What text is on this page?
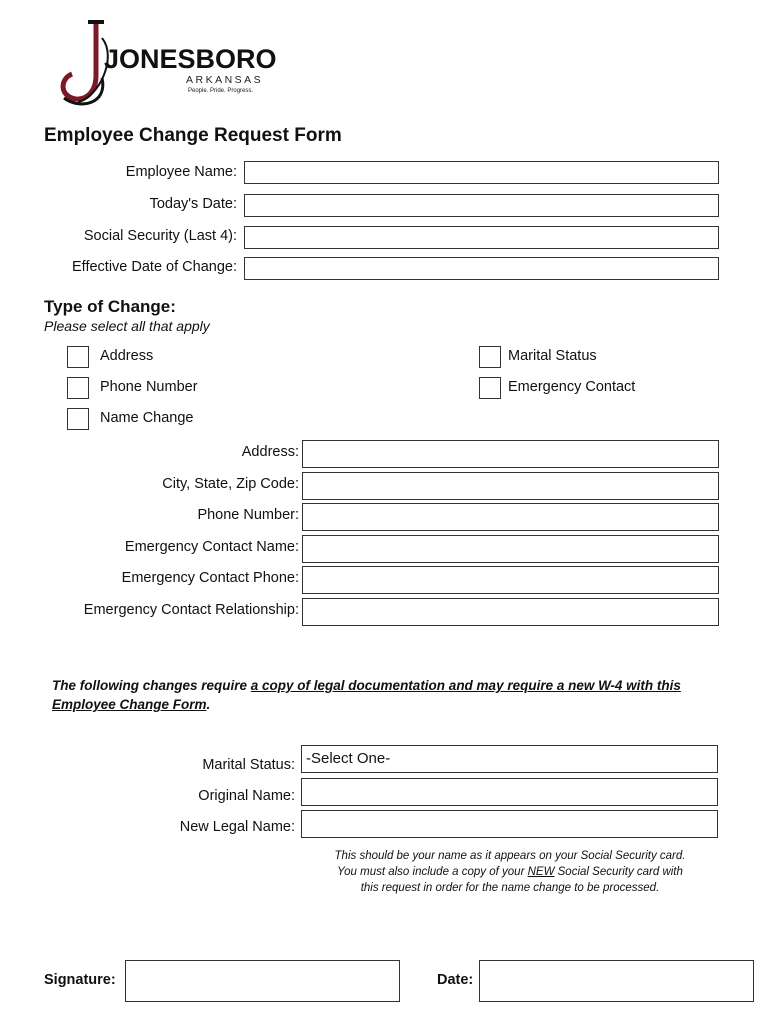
JONESBORO
ARKANSAS
People. Pride. Progress.
Employee Change Request Form
Employee Name:
Today's Date:
Social Security (Last 4):
Effective Date of Change:
Type of Change:
Please select all that apply
Address
Phone Number
Name Change
Marital Status
Emergency Contact
Address:
City, State, Zip Code:
Phone Number:
Emergency Contact Name:
Emergency Contact Phone:
Emergency Contact Relationship:
The following changes require a copy of legal documentation and may require a new W-4 with this Employee Change Form.
Marital Status: -Select One-
Original Name:
New Legal Name:
This should be your name as it appears on your Social Security card.
You must also include a copy of your NEW Social Security card with
this request in order for the name change to be processed.
Signature:	Date:
